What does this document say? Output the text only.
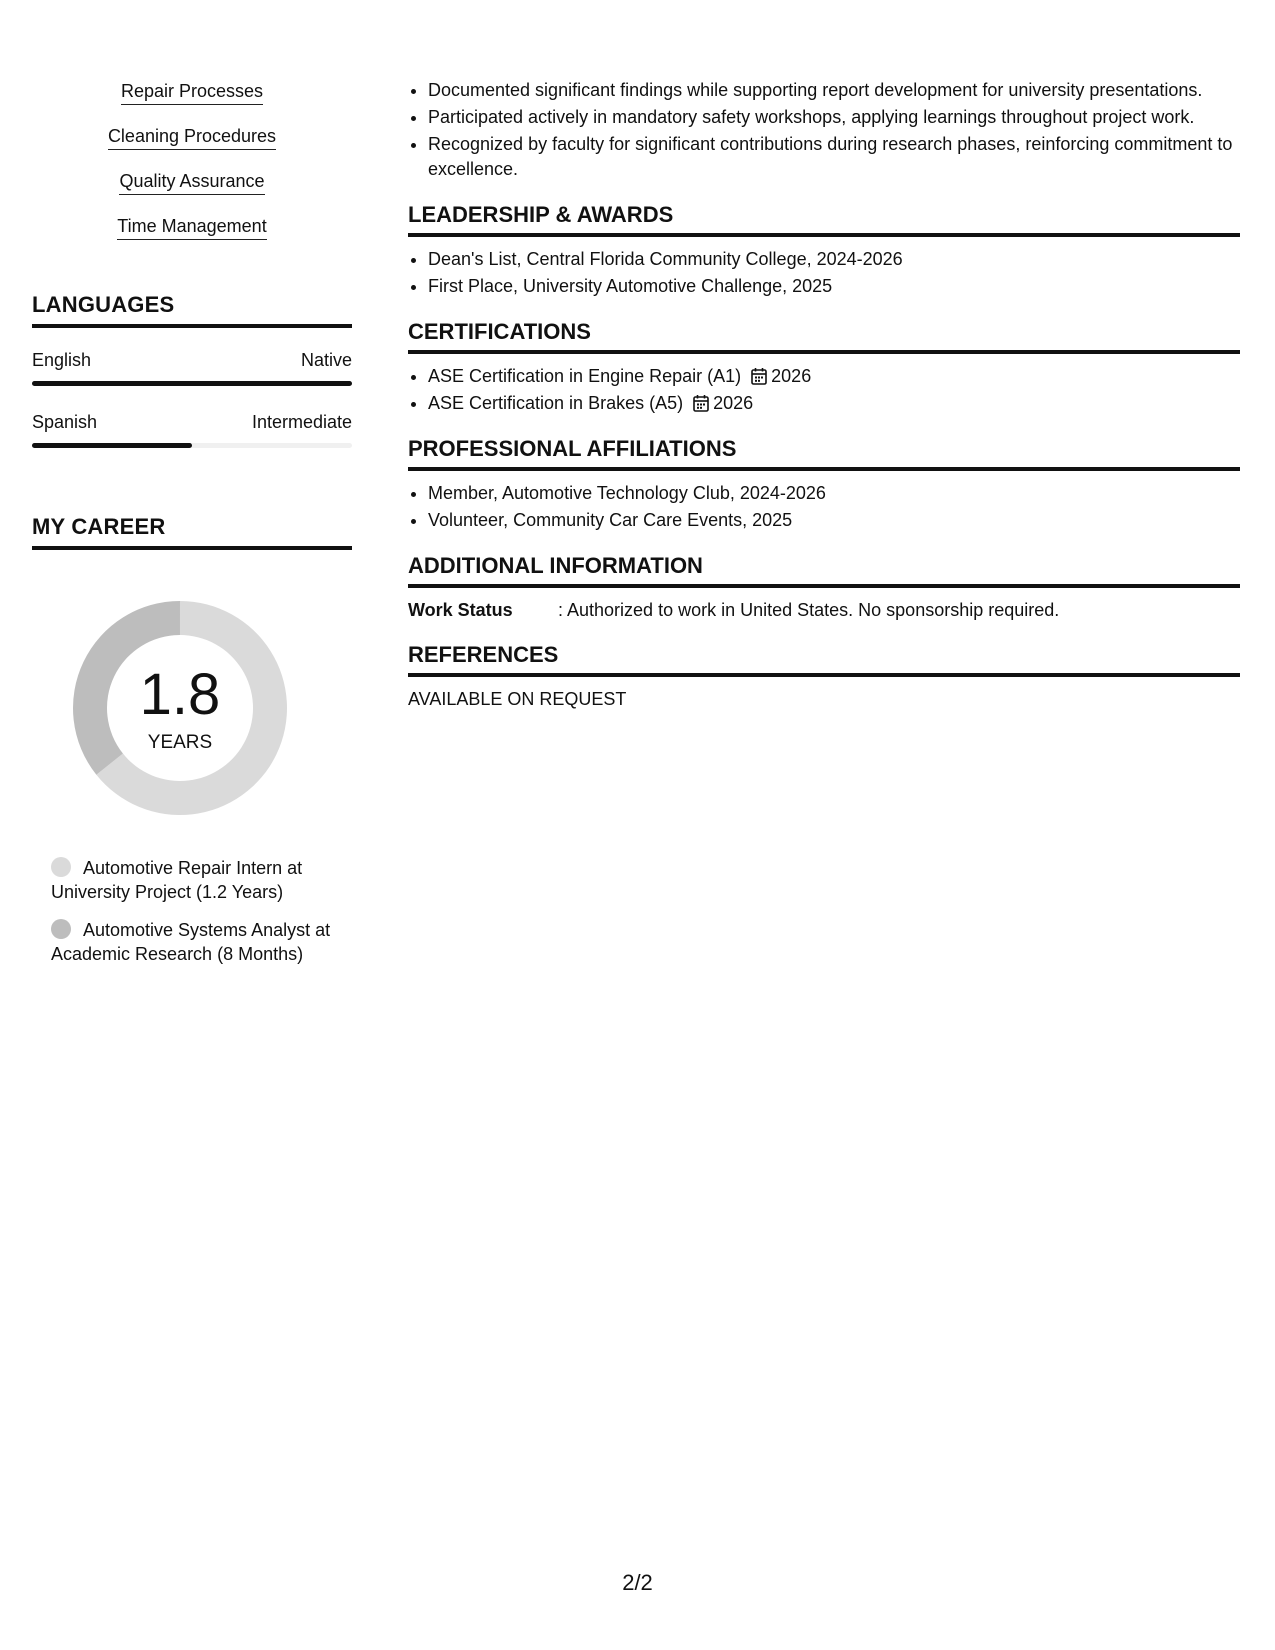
Repair Processes
Cleaning Procedures
Quality Assurance
Time Management
LANGUAGES
English	Native
Spanish	Intermediate
MY CAREER
1.8
YEARS
Automotive Repair Intern at University Project (1.2 Years)
Automotive Systems Analyst at Academic Research (8 Months)
• Documented significant findings while supporting report development for university presentations.
• Participated actively in mandatory safety workshops, applying learnings throughout project work.
• Recognized by faculty for significant contributions during research phases, reinforcing commitment to excellence.
LEADERSHIP & AWARDS
• Dean's List, Central Florida Community College, 2024-2026
• First Place, University Automotive Challenge, 2025
CERTIFICATIONS
• ASE Certification in Engine Repair (A1) 2026
• ASE Certification in Brakes (A5) 2026
PROFESSIONAL AFFILIATIONS
• Member, Automotive Technology Club, 2024-2026
• Volunteer, Community Car Care Events, 2025
ADDITIONAL INFORMATION
Work Status	: Authorized to work in United States. No sponsorship required.
REFERENCES

AVAILABLE ON REQUEST

2/2
